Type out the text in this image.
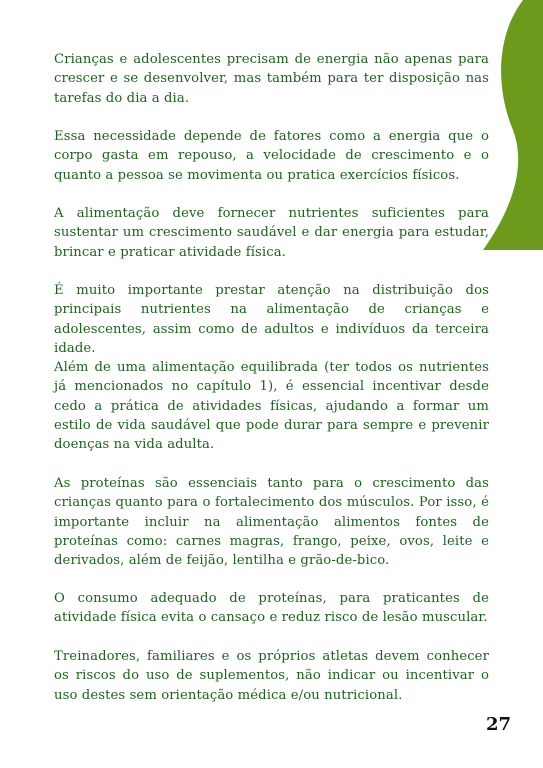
Crianças e adolescentes precisam de energia não apenas para crescer e se desenvolver, mas também para ter disposição nas tarefas do dia a dia.

Essa necessidade depende de fatores como a energia que o corpo gasta em repouso, a velocidade de crescimento e o quanto a pessoa se movimenta ou pratica exercícios físicos.

A alimentação deve fornecer nutrientes suficientes para sustentar um crescimento saudável e dar energia para estudar, brincar e praticar atividade física.

É muito importante prestar atenção na distribuição dos principais nutrientes na alimentação de crianças e adolescentes, assim como de adultos e indivíduos da terceira idade.

Além de uma alimentação equilibrada (ter todos os nutrientes já mencionados no capítulo 1), é essencial incentivar desde cedo a prática de atividades físicas, ajudando a formar um estilo de vida saudável que pode durar para sempre e prevenir doenças na vida adulta.

As proteínas são essenciais tanto para o crescimento das crianças quanto para o fortalecimento dos músculos. Por isso, é importante incluir na alimentação alimentos fontes de proteínas como: carnes magras, frango, peixe, ovos, leite e derivados, além de feijão, lentilha e grão-de-bico.

O consumo adequado de proteínas, para praticantes de atividade física evita o cansaço e reduz risco de lesão muscular.

Treinadores, familiares e os próprios atletas devem conhecer os riscos do uso de suplementos, não indicar ou incentivar o uso destes sem orientação médica e/ou nutricional.

27
